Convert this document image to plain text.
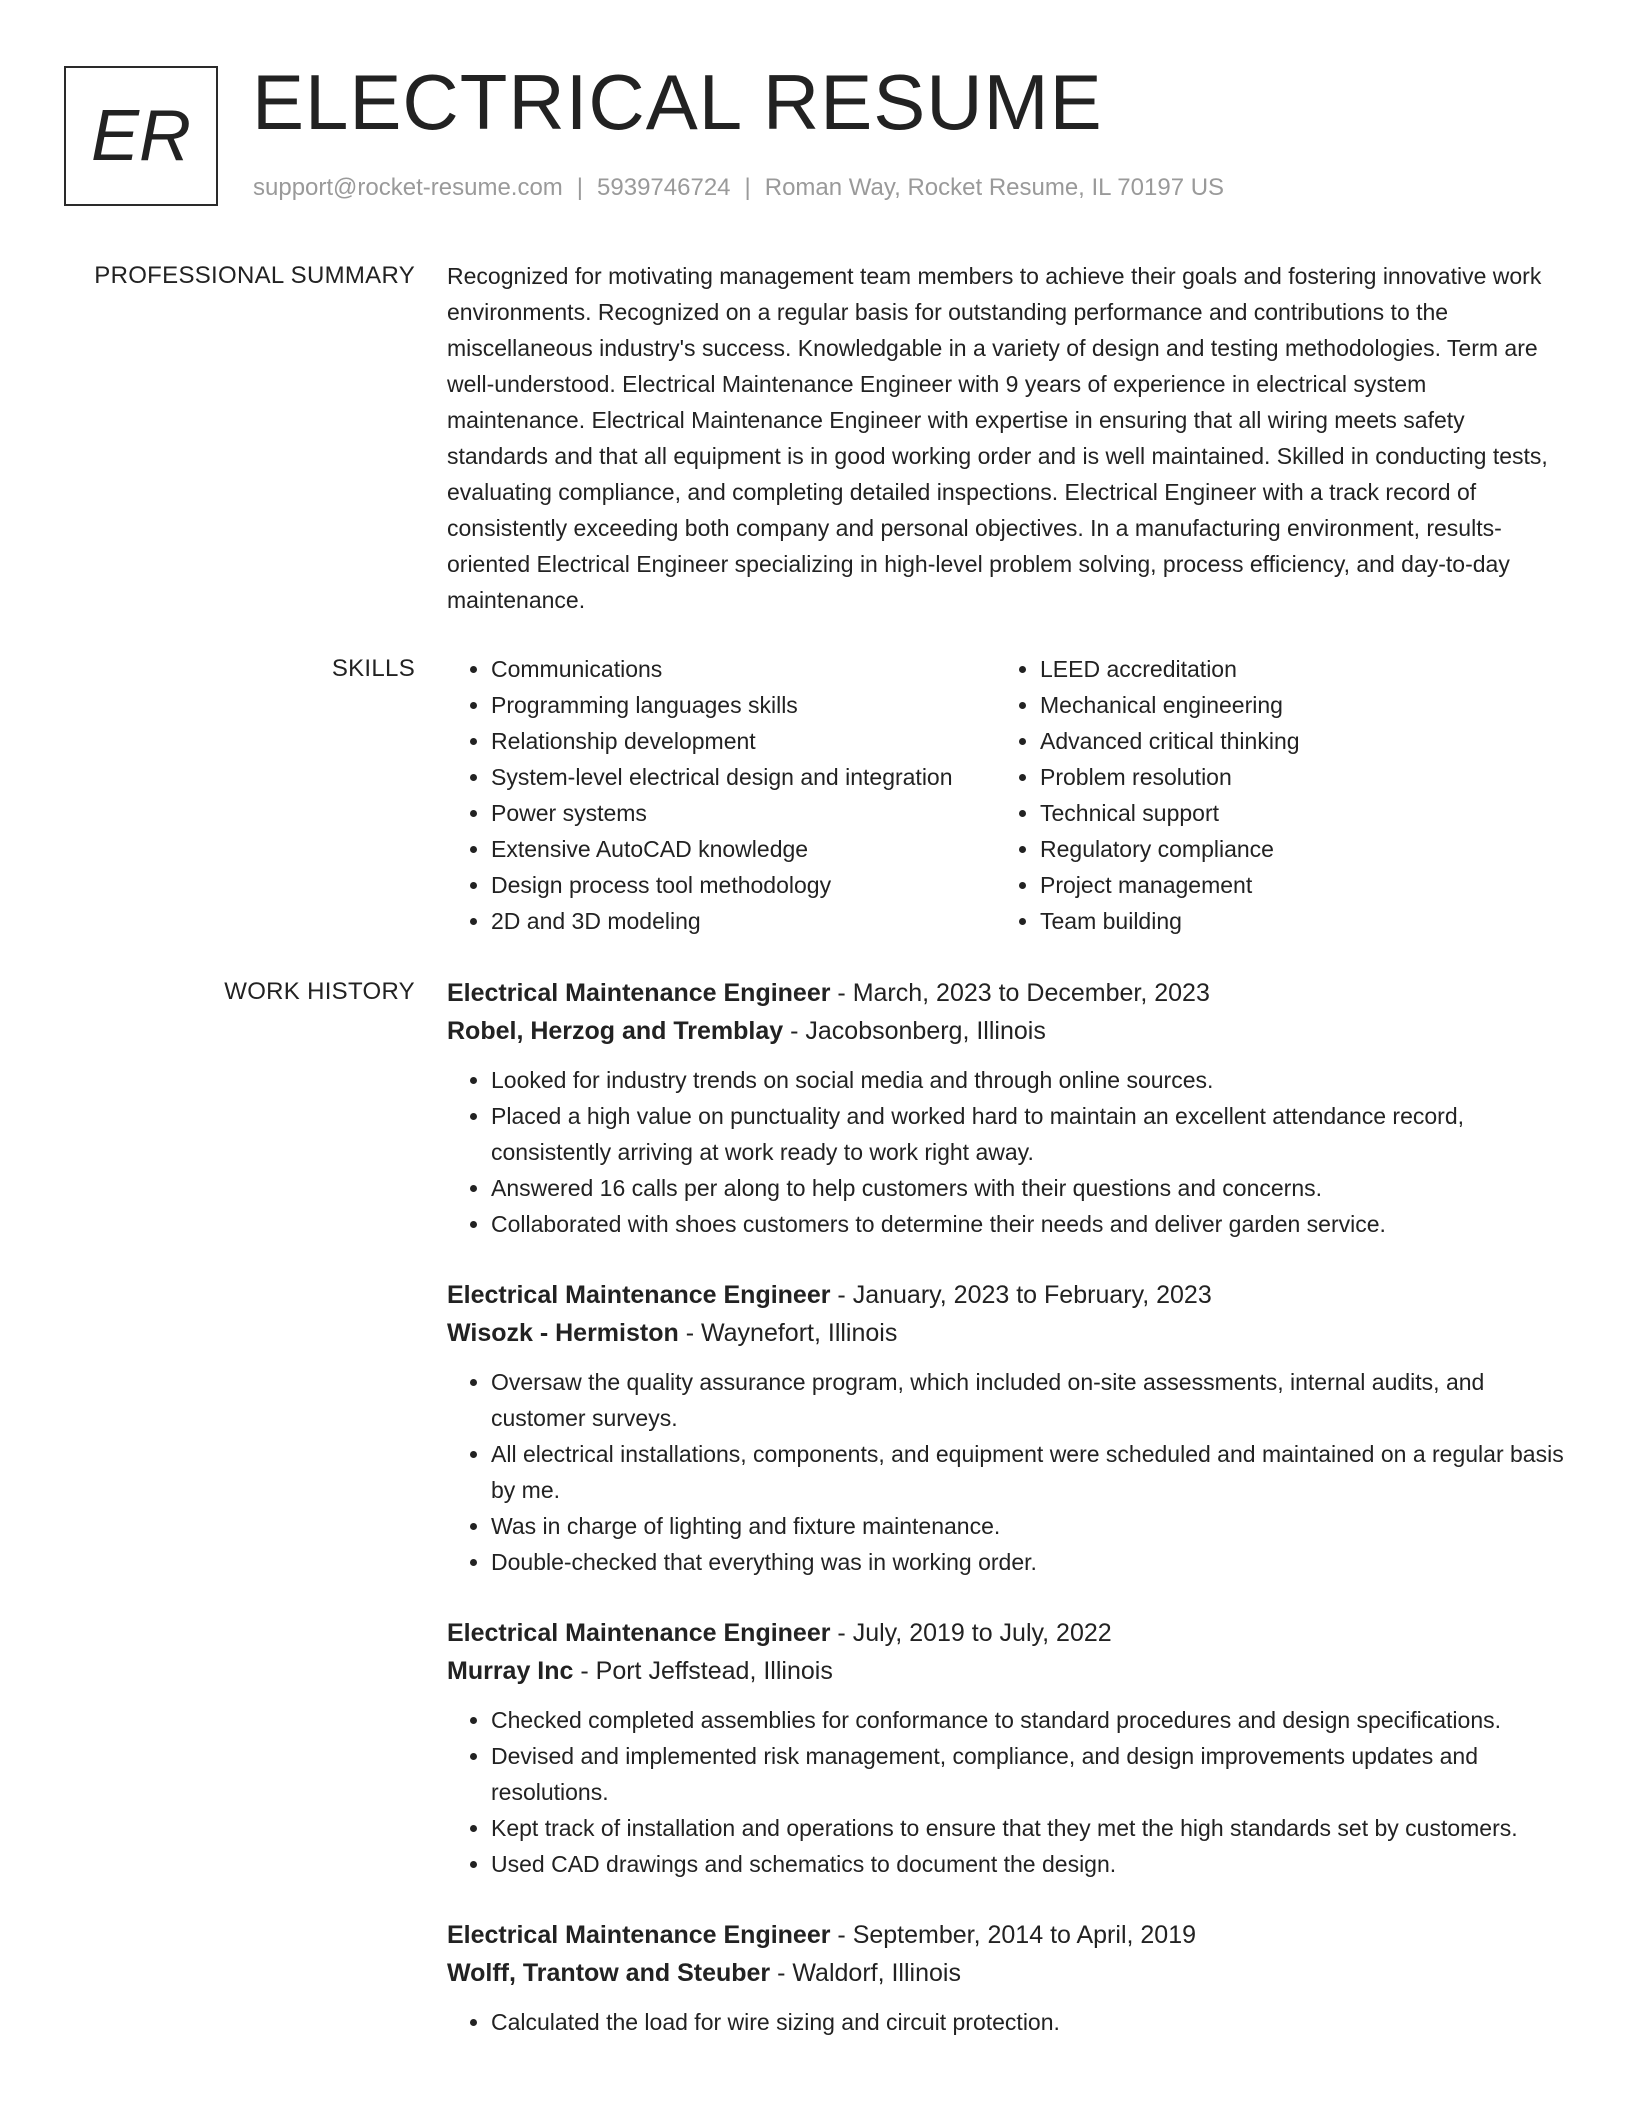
ER ELECTRICAL RESUME
support@rocket-resume.com | 5939746724 | Roman Way, Rocket Resume, IL 70197 US
PROFESSIONAL SUMMARY Recognized for motivating management team members to achieve their goals and fostering innovative work environments. Recognized on a regular basis for outstanding performance and contributions to the miscellaneous industry's success. Knowledgable in a variety of design and testing methodologies. Term are well-understood. Electrical Maintenance Engineer with 9 years of experience in electrical system maintenance. Electrical Maintenance Engineer with expertise in ensuring that all wiring meets safety standards and that all equipment is in good working order and is well maintained. Skilled in conducting tests, evaluating compliance, and completing detailed inspections. Electrical Engineer with a track record of consistently exceeding both company and personal objectives. In a manufacturing environment, results-oriented Electrical Engineer specializing in high-level problem solving, process efficiency, and day-to-day maintenance.

SKILLS
•	Communications
• Programming languages skills
• Relationship development
• System-level electrical design and integration
• Power systems
• Extensive AutoCAD knowledge
• Design process tool methodology
• 2D and 3D modeling
• LEED accreditation
• Mechanical engineering
• Advanced critical thinking
• Problem resolution
• Technical support
• Regulatory compliance
• Project management
• Team building
WORK HISTORY Electrical Maintenance Engineer - March, 2023 to December, 2023
Robel, Herzog and Tremblay - Jacobsonberg, Illinois
• Looked for industry trends on social media and through online sources.
• Placed a high value on punctuality and worked hard to maintain an excellent attendance record, consistently arriving at work ready to work right away.
• Answered 16 calls per along to help customers with their questions and concerns.
• Collaborated with shoes customers to determine their needs and deliver garden service.
Electrical Maintenance Engineer - January, 2023 to February, 2023
Wisozk - Hermiston - Waynefort, Illinois
• Oversaw the quality assurance program, which included on-site assessments, internal audits, and customer surveys.
• All electrical installations, components, and equipment were scheduled and maintained on a regular basis by me.
• Was in charge of lighting and fixture maintenance.
• Double-checked that everything was in working order.
Electrical Maintenance Engineer - July, 2019 to July, 2022
Murray Inc - Port Jeffstead, Illinois
• Checked completed assemblies for conformance to standard procedures and design specifications.
• Devised and implemented risk management, compliance, and design improvements updates and resolutions.
• Kept track of installation and operations to ensure that they met the high standards set by customers.
• Used CAD drawings and schematics to document the design.
Electrical Maintenance Engineer - September, 2014 to April, 2019
Wolff, Trantow and Steuber - Waldorf, Illinois
• Calculated the load for wire sizing and circuit protection.
